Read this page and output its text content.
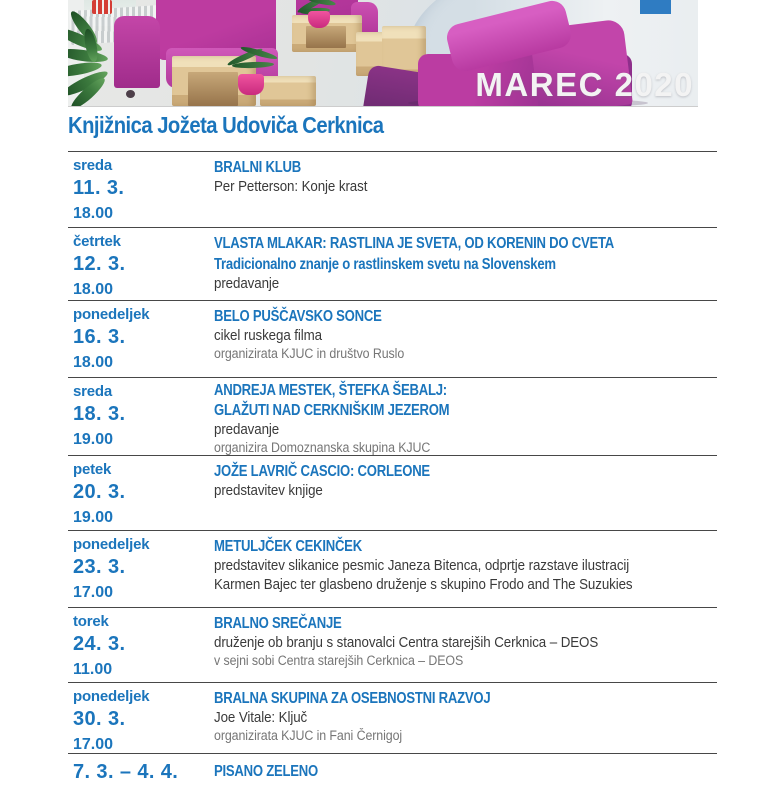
MAREC 2020
Knjižnica Jožeta Udoviča Cerknica
sreda
11. 3.
18.00
BRALNI KLUB
Per Petterson: Konje krast
četrtek
12. 3.
18.00
VLASTA MLAKAR: RASTLINA JE SVETA, OD KORENIN DO CVETA
Tradicionalno znanje o rastlinskem svetu na Slovenskem
predavanje
ponedeljek
16. 3.
18.00
BELO PUŠČAVSKO SONCE
cikel ruskega filma
organizirata KJUC in društvo Ruslo
sreda
18. 3.
19.00
ANDREJA MESTEK, ŠTEFKA ŠEBALJ:
GLAŽUTI NAD CERKNIŠKIM JEZEROM
predavanje
organizira Domoznanska skupina KJUC
petek
20. 3.
19.00
JOŽE LAVRIČ CASCIO: CORLEONE
predstavitev knjige
ponedeljek
23. 3.
17.00
METULJČEK CEKINČEK
predstavitev slikanice pesmic Janeza Bitenca, odprtje razstave ilustracij
Karmen Bajec ter glasbeno druženje s skupino Frodo and The Suzukies
torek
24. 3.
11.00
BRALNO SREČANJE
druženje ob branju s stanovalci Centra starejših Cerknica – DEOS
v sejni sobi Centra starejših Cerknica – DEOS
ponedeljek
30. 3.
17.00
BRALNA SKUPINA ZA OSEBNOSTNI RAZVOJ
Joe Vitale: Ključ
organizirata KJUC in Fani Černigoj
7. 3. – 4. 4.	PISANO ZELENO
